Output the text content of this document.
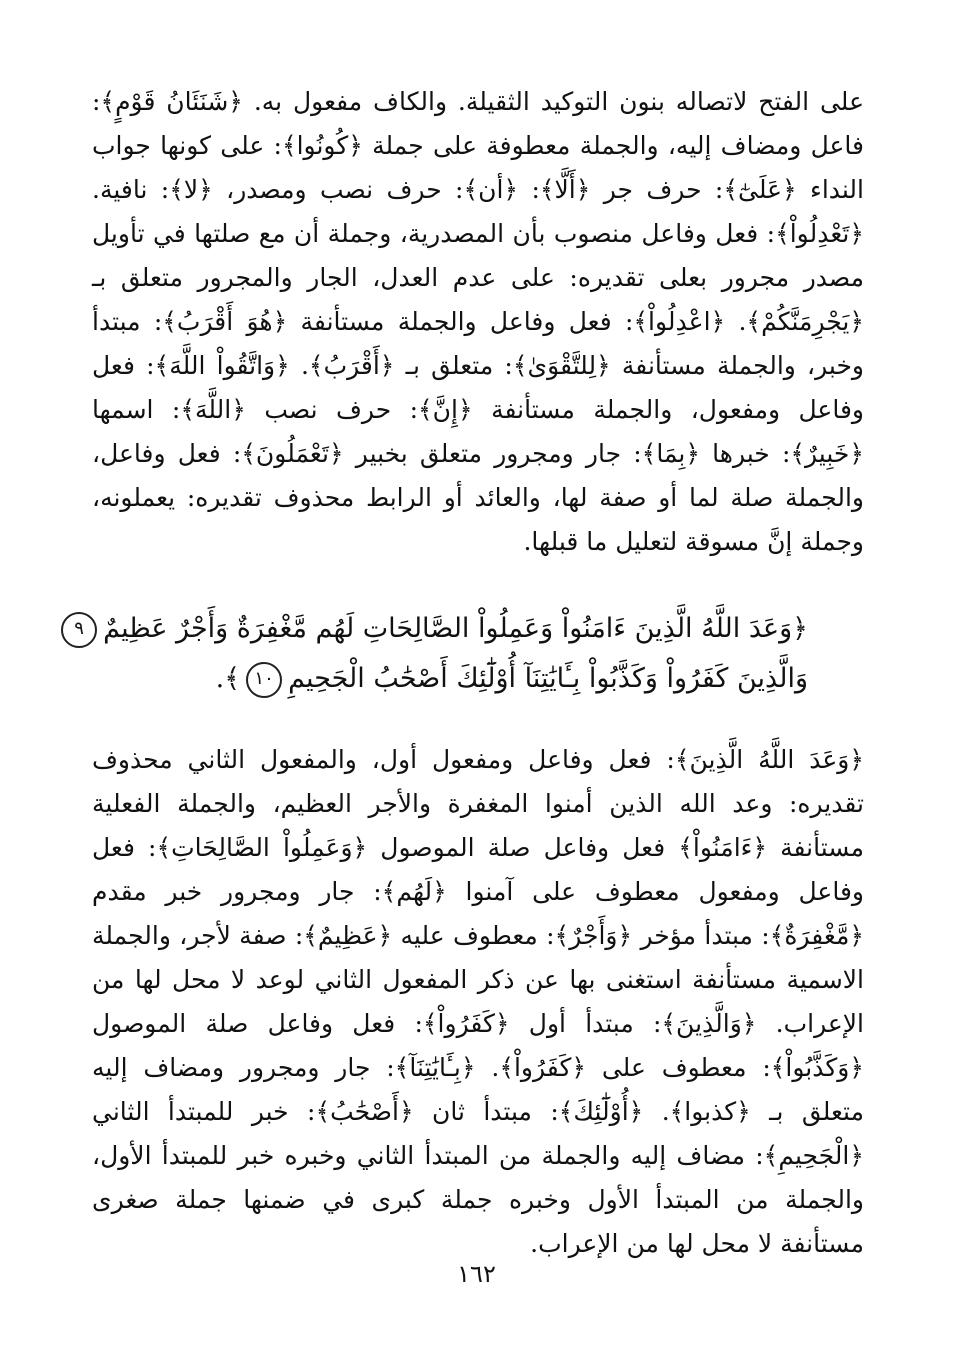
على الفتح لاتصاله بنون التوكيد الثقيلة. والكاف مفعول به. ﴿شَنَئَانُ قَوْمٍ﴾: فاعل ومضاف إليه، والجملة معطوفة على جملة ﴿كُونُوا﴾: على كونها جواب النداء ﴿عَلَىٰٓ﴾: حرف جر ﴿أَلَّا﴾: ﴿أن﴾: حرف نصب ومصدر، ﴿لا﴾: نافية. ﴿تَعْدِلُواْ﴾: فعل وفاعل منصوب بأن المصدرية، وجملة أن مع صلتها في تأويل مصدر مجرور بعلى تقديره: على عدم العدل، الجار والمجرور متعلق بـ ﴿يَجْرِمَنَّكُمْ﴾. ﴿اعْدِلُواْ﴾: فعل وفاعل والجملة مستأنفة ﴿هُوَ أَقْرَبُ﴾: مبتدأ وخبر، والجملة مستأنفة ﴿لِلتَّقْوَىٰ﴾: متعلق بـ ﴿أَقْرَبُ﴾. ﴿وَاتَّقُواْ اللَّهَ﴾: فعل وفاعل ومفعول، والجملة مستأنفة ﴿إِنَّ﴾: حرف نصب ﴿اللَّهَ﴾: اسمها ﴿خَبِيرٌ﴾: خبرها ﴿بِمَا﴾: جار ومجرور متعلق بخبير ﴿تَعْمَلُونَ﴾: فعل وفاعل، والجملة صلة لما أو صفة لها، والعائد أو الرابط محذوف تقديره: يعملونه، وجملة إنَّ مسوقة لتعليل ما قبلها.

﴿وَعَدَ اللَّهُ الَّذِينَ ءَامَنُواْ وَعَمِلُواْ الصَّالِحَاتِ لَهُم مَّغْفِرَةٌ وَأَجْرٌ عَظِيمٌ٩
وَالَّذِينَ كَفَرُواْ وَكَذَّبُواْ بِـَٔايَٰتِنَآ أُوْلَٰٓئِكَ أَصْحَٰبُ الْجَحِيمِ١٠﴾.

﴿وَعَدَ اللَّهُ الَّذِينَ﴾: فعل وفاعل ومفعول أول، والمفعول الثاني محذوف تقديره: وعد الله الذين أمنوا المغفرة والأجر العظيم، والجملة الفعلية مستأنفة ﴿ءَامَنُواْ﴾ فعل وفاعل صلة الموصول ﴿وَعَمِلُواْ الصَّالِحَاتِ﴾: فعل وفاعل ومفعول معطوف على آمنوا ﴿لَهُم﴾: جار ومجرور خبر مقدم ﴿مَّغْفِرَةٌ﴾: مبتدأ مؤخر ﴿وَأَجْرٌ﴾: معطوف عليه ﴿عَظِيمٌ﴾: صفة لأجر، والجملة الاسمية مستأنفة استغنى بها عن ذكر المفعول الثاني لوعد لا محل لها من الإعراب. ﴿وَالَّذِينَ﴾: مبتدأ أول ﴿كَفَرُواْ﴾: فعل وفاعل صلة الموصول ﴿وَكَذَّبُواْ﴾: معطوف على ﴿كَفَرُواْ﴾. ﴿بِـَٔايَٰتِنَآ﴾: جار ومجرور ومضاف إليه متعلق بـ ﴿كذبوا﴾. ﴿أُوْلَٰٓئِكَ﴾: مبتدأ ثان ﴿أَصْحَٰبُ﴾: خبر للمبتدأ الثاني ﴿الْجَحِيمِ﴾: مضاف إليه والجملة من المبتدأ الثاني وخبره خبر للمبتدأ الأول، والجملة من المبتدأ الأول وخبره جملة كبرى في ضمنها جملة صغرى مستأنفة لا محل لها من الإعراب.

١٦٢
